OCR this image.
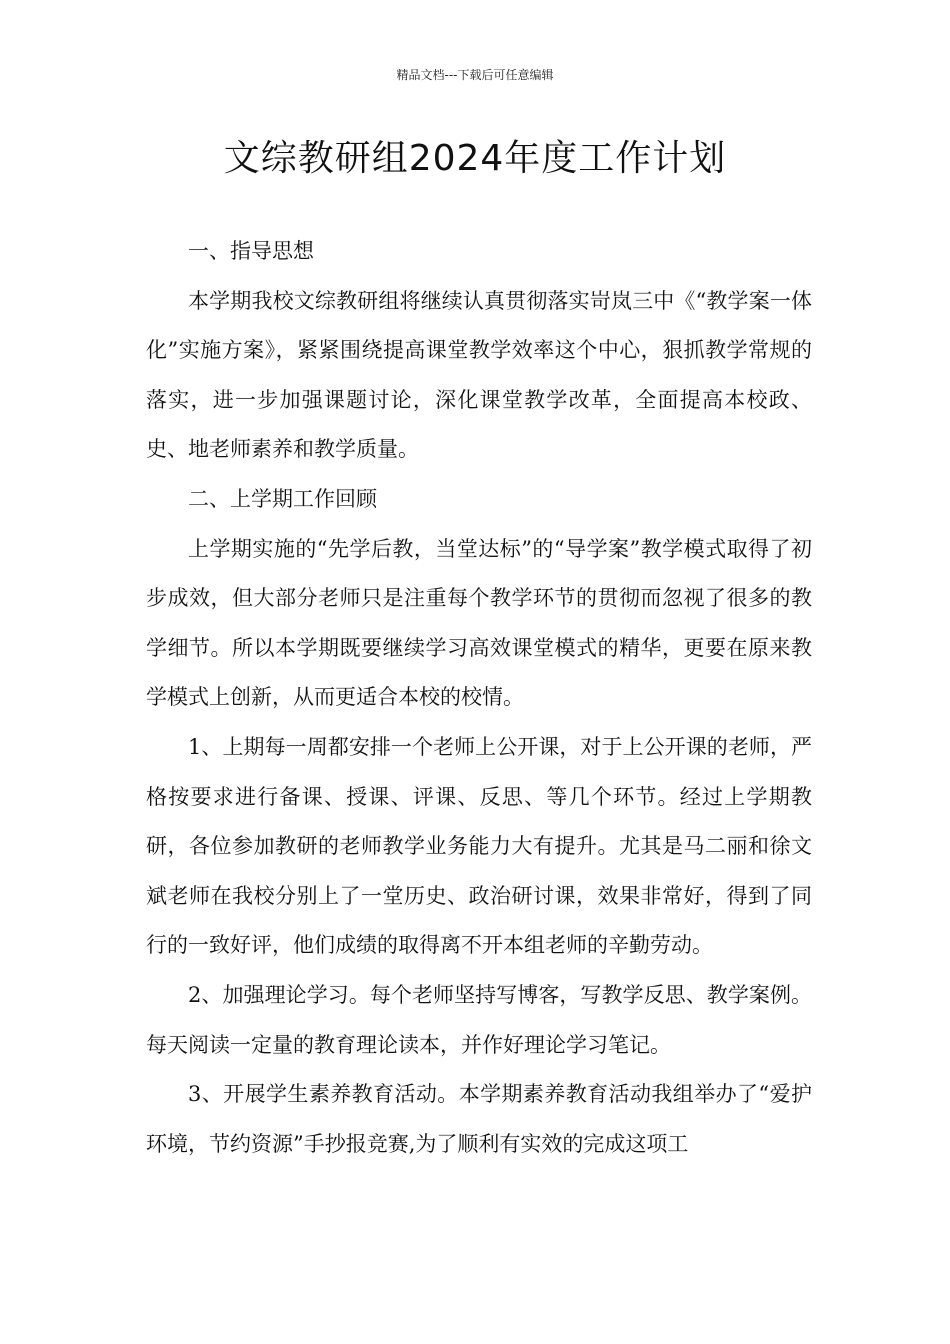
精品文档---下载后可任意编辑
文综教研组2024年度工作计划

一、指导思想

本学期我校文综教研组将继续认真贯彻落实岢岚三中《“教学案一体化”实施方案》，紧紧围绕提高课堂教学效率这个中心，狠抓教学常规的落实，进一步加强课题讨论，深化课堂教学改革，全面提高本校政、史、地老师素养和教学质量。

二、上学期工作回顾

上学期实施的“先学后教，当堂达标”的“导学案”教学模式取得了初步成效，但大部分老师只是注重每个教学环节的贯彻而忽视了很多的教学细节。所以本学期既要继续学习高效课堂模式的精华，更要在原来教学模式上创新，从而更适合本校的校情。

1、上期每一周都安排一个老师上公开课，对于上公开课的老师，严格按要求进行备课、授课、评课、反思、等几个环节。经过上学期教研，各位参加教研的老师教学业务能力大有提升。尤其是马二丽和徐文斌老师在我校分别上了一堂历史、政治研讨课，效果非常好，得到了同行的一致好评，他们成绩的取得离不开本组老师的辛勤劳动。

2、加强理论学习。每个老师坚持写博客，写教学反思、教学案例。每天阅读一定量的教育理论读本，并作好理论学习笔记。

3、开展学生素养教育活动。本学期素养教育活动我组举办了“爱护环境，节约资源”手抄报竞赛,为了顺利有实效的完成这项工
